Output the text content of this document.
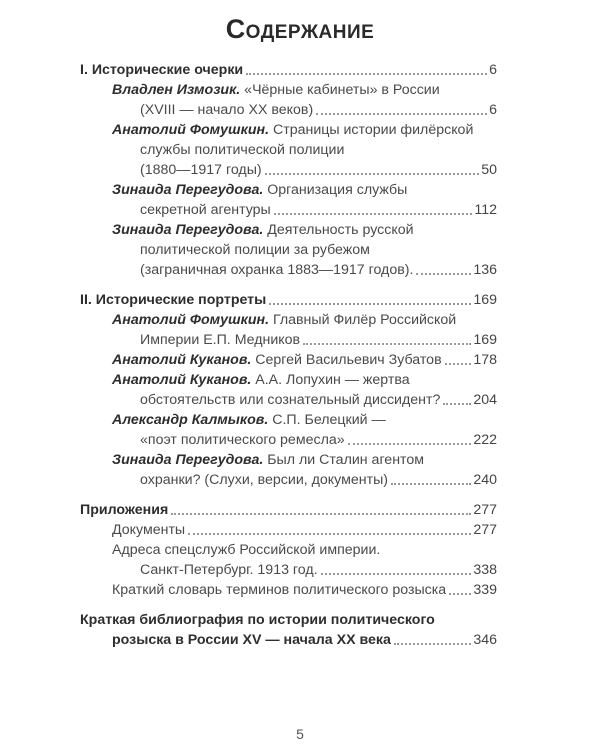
Содержание
I. Исторические очерки	6
Владлен Измозик. «Чёрные кабинеты» в России
(XVIII — начало XX веков)	6
Анатолий Фомушкин. Страницы истории филёрской
службы политической полиции
(1880—1917 годы)	50
Зинаида Перегудова. Организация службы
секретной агентуры	112
Зинаида Перегудова. Деятельность русской
политической полиции за рубежом
(заграничная охранка 1883—1917 годов).	136
II. Исторические портреты	169
Анатолий Фомушкин. Главный Филёр Российской
Империи Е.П. Медников	169
Анатолий Куканов. Сергей Васильевич Зубатов 178
Анатолий Куканов. А.А. Лопухин — жертва
обстоятельств или сознательный диссидент? 204
Александр Калмыков. С.П. Белецкий —
«поэт политического ремесла»	222
Зинаида Перегудова. Был ли Сталин агентом
охранки? (Слухи, версии, документы)	240
Приложения	277
Документы	277
Адреса спецслужб Российской империи.
Санкт-Петербург. 1913 год.	338
Краткий словарь терминов политического розыска 339
Краткая библиография по истории политического
розыска в России XV — начала XX века	346
5
